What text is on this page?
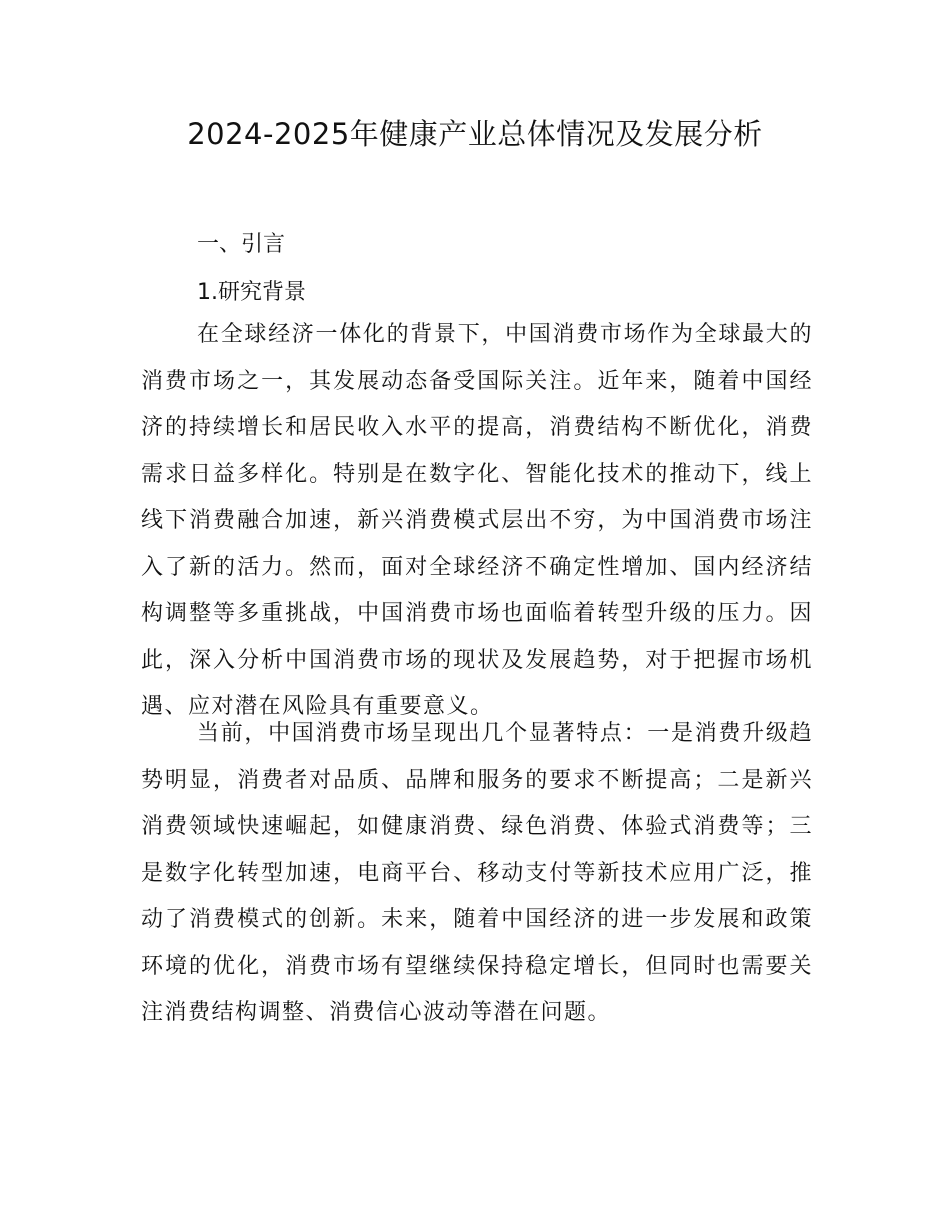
2024-2025年健康产业总体情况及发展分析
一、引言
1.研究背景

在全球经济一体化的背景下，中国消费市场作为全球最大的消费市场之一，其发展动态备受国际关注。近年来，随着中国经济的持续增长和居民收入水平的提高，消费结构不断优化，消费需求日益多样化。特别是在数字化、智能化技术的推动下，线上线下消费融合加速，新兴消费模式层出不穷，为中国消费市场注入了新的活力。然而，面对全球经济不确定性增加、国内经济结构调整等多重挑战，中国消费市场也面临着转型升级的压力。因此，深入分析中国消费市场的现状及发展趋势，对于把握市场机遇、应对潜在风险具有重要意义。

当前，中国消费市场呈现出几个显著特点：一是消费升级趋势明显，消费者对品质、品牌和服务的要求不断提高；二是新兴消费领域快速崛起，如健康消费、绿色消费、体验式消费等；三是数字化转型加速，电商平台、移动支付等新技术应用广泛，推动了消费模式的创新。未来，随着中国经济的进一步发展和政策环境的优化，消费市场有望继续保持稳定增长，但同时也需要关注消费结构调整、消费信心波动等潜在问题。
